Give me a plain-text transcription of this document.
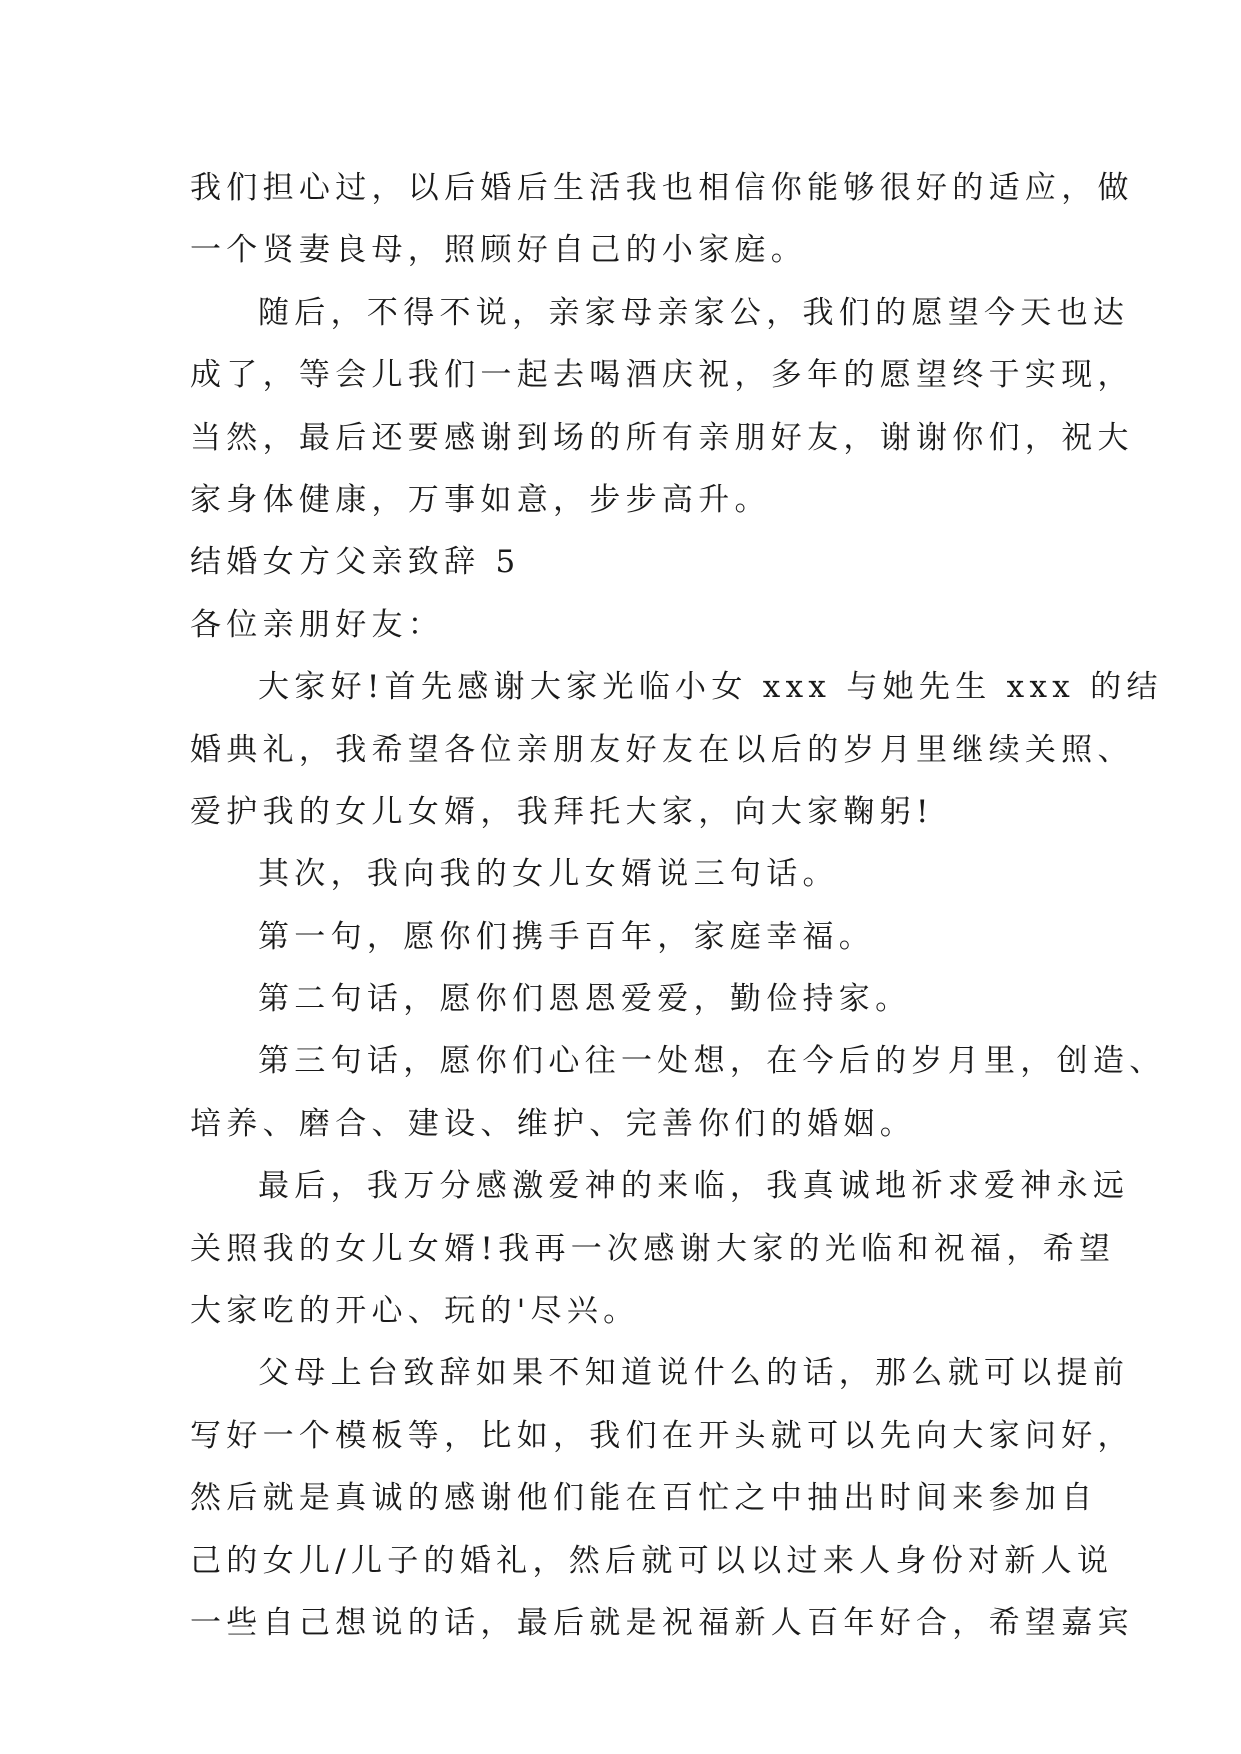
我们担心过，以后婚后生活我也相信你能够很好的适应，做
一个贤妻良母，照顾好自己的小家庭。
随后，不得不说，亲家母亲家公，我们的愿望今天也达
成了，等会儿我们一起去喝酒庆祝，多年的愿望终于实现，
当然，最后还要感谢到场的所有亲朋好友，谢谢你们，祝大
家身体健康，万事如意，步步高升。
结婚女方父亲致辞 5
各位亲朋好友：
大家好!首先感谢大家光临小女 xxx 与她先生 xxx 的结
婚典礼，我希望各位亲朋友好友在以后的岁月里继续关照、
爱护我的女儿女婿，我拜托大家，向大家鞠躬!
其次，我向我的女儿女婿说三句话。
第一句，愿你们携手百年，家庭幸福。
第二句话，愿你们恩恩爱爱，勤俭持家。
第三句话，愿你们心往一处想，在今后的岁月里，创造、
培养、磨合、建设、维护、完善你们的婚姻。
最后，我万分感激爱神的来临，我真诚地祈求爱神永远
关照我的女儿女婿!我再一次感谢大家的光临和祝福，希望
大家吃的开心、玩的'尽兴。
父母上台致辞如果不知道说什么的话，那么就可以提前
写好一个模板等，比如，我们在开头就可以先向大家问好，
然后就是真诚的感谢他们能在百忙之中抽出时间来参加自
己的女儿/儿子的婚礼，然后就可以以过来人身份对新人说
一些自己想说的话，最后就是祝福新人百年好合，希望嘉宾
